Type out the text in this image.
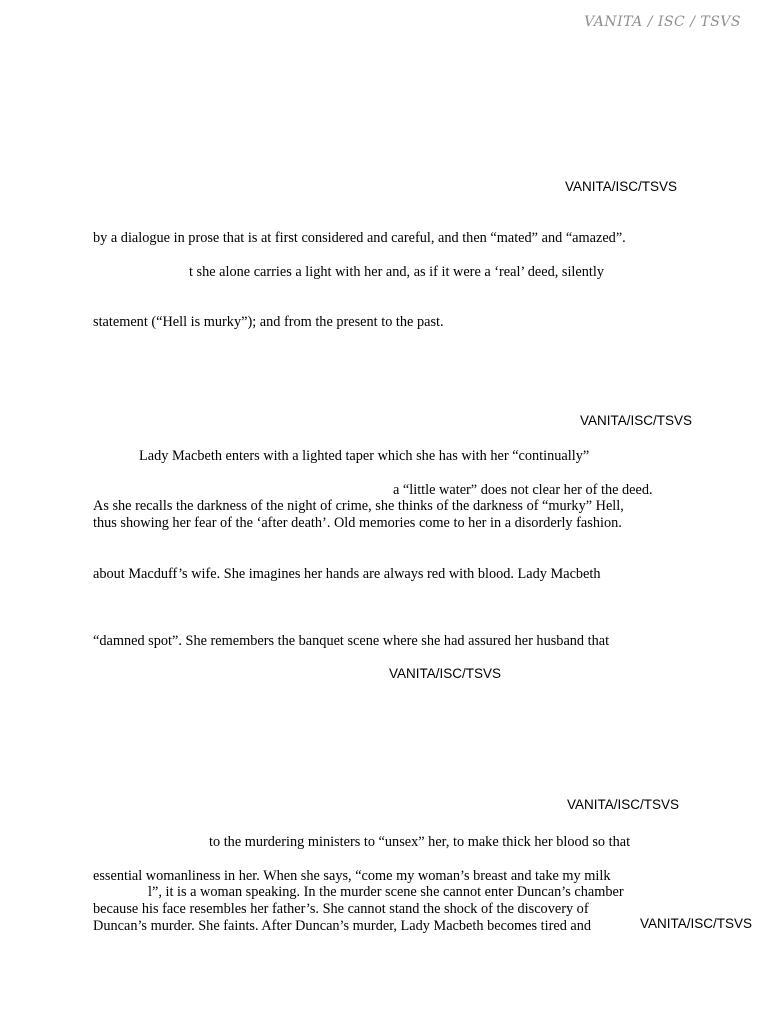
VANITA / ISC / TSVS
VANITA/ISC/TSVS
by a dialogue in prose that is at first considered and careful, and then “mated” and “amazed”.
t she alone carries a light with her and, as if it were a ‘real’ deed, silently
statement (“Hell is murky”); and from the present to the past.
VANITA/ISC/TSVS
Lady Macbeth enters with a lighted taper which she has with her “continually”
a “little water” does not clear her of the deed.
As she recalls the darkness of the night of crime, she thinks of the darkness of “murky” Hell,
thus showing her fear of the ‘after death’. Old memories come to her in a disorderly fashion.
about Macduff’s wife. She imagines her hands are always red with blood. Lady Macbeth
“damned spot”. She remembers the banquet scene where she had assured her husband that
VANITA/ISC/TSVS
VANITA/ISC/TSVS
to the murdering ministers to “unsex” her, to make thick her blood so that
essential womanliness in her. When she says, “come my woman’s breast and take my milk
l”, it is a woman speaking. In the murder scene she cannot enter Duncan’s chamber
because his face resembles her father’s. She cannot stand the shock of the discovery of
Duncan’s murder. She faints. After Duncan’s murder, Lady Macbeth becomes tired and	VANITA/ISC/TSVS
